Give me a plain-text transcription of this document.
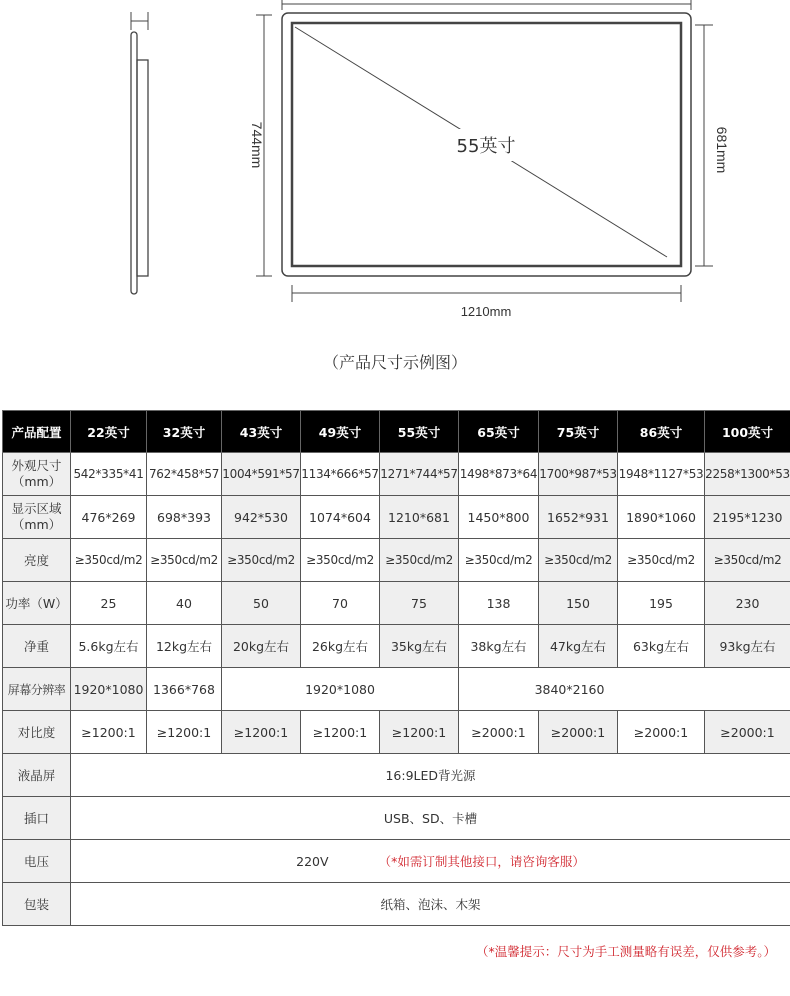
744mm	681mm
55英寸
1210mm
（产品尺寸示例图）
产品配置	22英寸	32英寸	43英寸	49英寸	55英寸	65英寸	75英寸	86英寸	100英寸
外观尺寸
（mm）	542*335*41	762*458*57	1004*591*57	1134*666*57	1271*744*57	1498*873*64	1700*987*53	1948*1127*53	2258*1300*53
显示区域
（mm）	476*269	698*393	942*530	1074*604	1210*681	1450*800	1652*931	1890*1060	2195*1230
亮度	≥350cd/m2	≥350cd/m2	≥350cd/m2	≥350cd/m2	≥350cd/m2	≥350cd/m2	≥350cd/m2	≥350cd/m2	≥350cd/m2
功率（W）	25	40	50	70	75	138	150	195	230
净重	5.6kg左右	12kg左右	20kg左右	26kg左右	35kg左右	38kg左右	47kg左右	63kg左右	93kg左右
屏幕分辨率	1920*1080	1366*768	1920*1080			3840*2160			
对比度	≥1200:1	≥1200:1	≥1200:1	≥1200:1	≥1200:1	≥2000:1	≥2000:1	≥2000:1	≥2000:1
液晶屏	16:9LED背光源								
插口	USB、SD、卡槽								
电压	220V （*如需订制其他接口，请咨询客服）								
包装	纸箱、泡沫、木架								
（*温馨提示：尺寸为手工测量略有误差，仅供参考。）
